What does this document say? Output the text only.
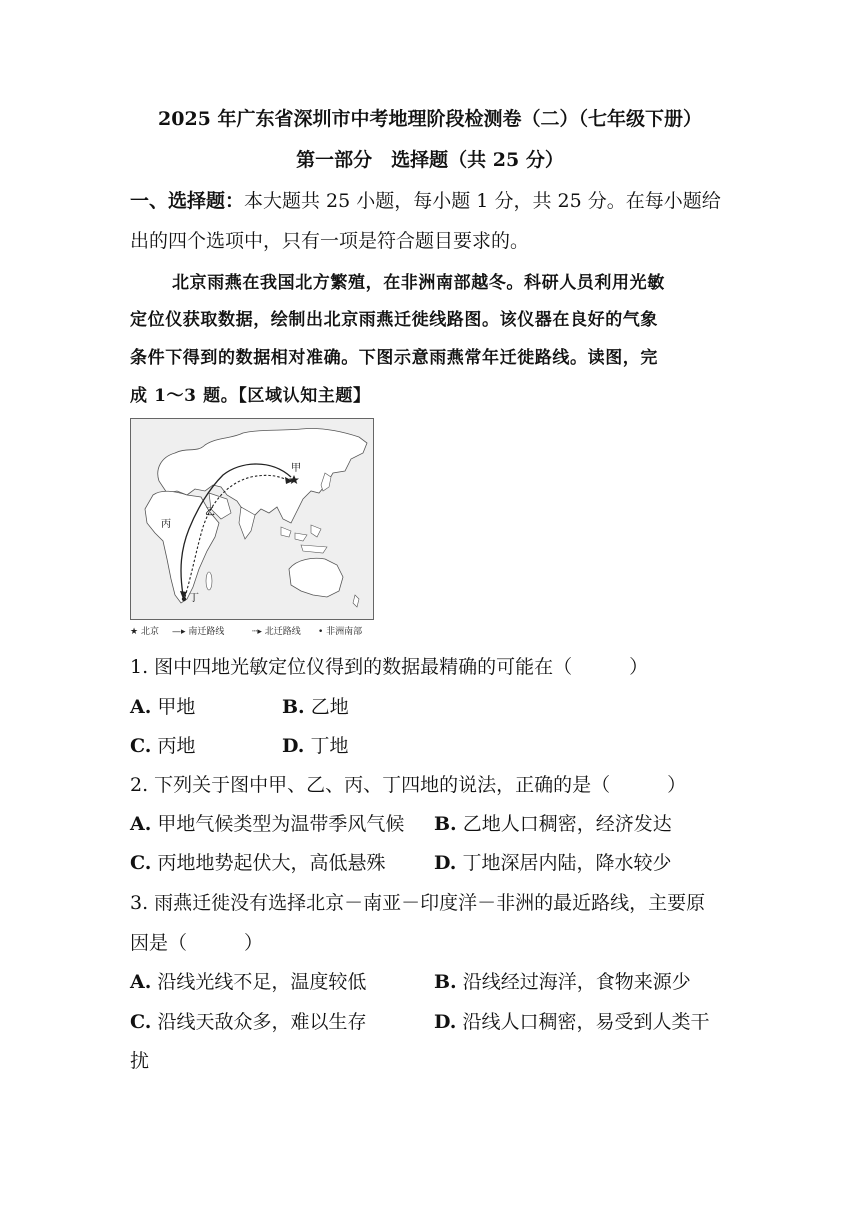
2025 年广东省深圳市中考地理阶段检测卷（二）（七年级下册）
第一部分　选择题（共 25 分）
一、选择题：本大题共 25 小题，每小题 1 分，共 25 分。在每小题给
出的四个选项中，只有一项是符合题目要求的。
北京雨燕在我国北方繁殖，在非洲南部越冬。科研人员利用光敏
定位仪获取数据，绘制出北京雨燕迁徙线路图。该仪器在良好的气象
条件下得到的数据相对准确。下图示意雨燕常年迁徙路线。读图，完
成 1～3 题。【区域认知主题】
甲
乙
丙
丁
★ 北京 —▸ 南迁路线	┄▸ 北迁路线 • 非洲南部
1. 图中四地光敏定位仪得到的数据最精确的可能在（　　　）
A. 甲地	B. 乙地
C. 丙地	D. 丁地
2. 下列关于图中甲、乙、丙、丁四地的说法，正确的是（　　　）
A. 甲地气候类型为温带季风气候 B. 乙地人口稠密，经济发达
C. 丙地地势起伏大，高低悬殊	D. 丁地深居内陆，降水较少
3. 雨燕迁徙没有选择北京－南亚－印度洋－非洲的最近路线，主要原
因是（　　　）
A. 沿线光线不足，温度较低	B. 沿线经过海洋，食物来源少
C. 沿线天敌众多，难以生存	D. 沿线人口稠密，易受到人类干
扰
